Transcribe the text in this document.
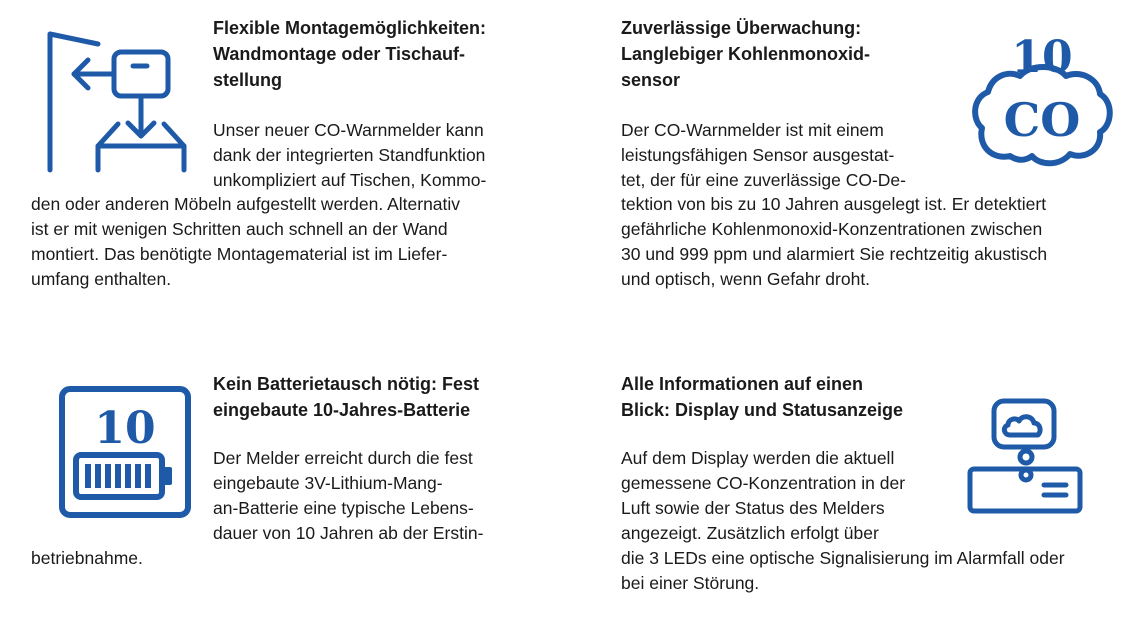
Flexible Montagemöglichkeiten:
Wandmontage oder Tischauf-
stellung
Unser neuer CO-Warnmelder kann
dank der integrierten Standfunktion
unkompliziert auf Tischen, Kommo-
den oder anderen Möbeln aufgestellt werden. Alternativ
ist er mit wenigen Schritten auch schnell an der Wand
montiert. Das benötigte Montagematerial ist im Liefer-
umfang enthalten.
10
CO
Zuverlässige Überwachung:
Langlebiger Kohlenmonoxid-
sensor
Der CO-Warnmelder ist mit einem
leistungsfähigen Sensor ausgestat-
tet, der für eine zuverlässige CO-De-
tektion von bis zu 10 Jahren ausgelegt ist. Er detektiert
gefährliche Kohlenmonoxid-Konzentrationen zwischen
30 und 999 ppm und alarmiert Sie rechtzeitig akustisch
und optisch, wenn Gefahr droht.
10
Kein Batterietausch nötig: Fest
eingebaute 10-Jahres-Batterie
Der Melder erreicht durch die fest
eingebaute 3V-Lithium-Mang-
an-Batterie eine typische Lebens-
dauer von 10 Jahren ab der Erstin-
betriebnahme.
Alle Informationen auf einen
Blick: Display und Statusanzeige
Auf dem Display werden die aktuell
gemessene CO-Konzentration in der
Luft sowie der Status des Melders
angezeigt. Zusätzlich erfolgt über
die 3 LEDs eine optische Signalisierung im Alarmfall oder
bei einer Störung.
